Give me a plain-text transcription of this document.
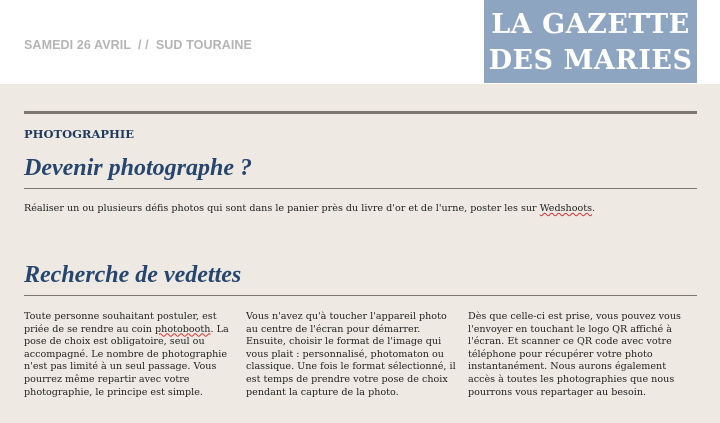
SAMEDI 26 AVRIL  / /  SUD TOURAINE
LA GAZETTE
DES MARIES
PHOTOGRAPHIE
Devenir photographe ?
Réaliser un ou plusieurs défis photos qui sont dans le panier près du livre d'or et de l'urne, poster les sur Wedshoots.
Recherche de vedettes
Toute personne souhaitant postuler, est priée de se rendre au coin photobooth. La pose de choix est obligatoire, seul ou accompagné. Le nombre de photographie n'est pas limité à un seul passage. Vous pourrez même repartir avec votre photographie, le principe est simple.
Vous n'avez qu'à toucher l'appareil photo au centre de l'écran pour démarrer. Ensuite, choisir le format de l'image qui vous plait : personnalisé, photomaton ou classique. Une fois le format sélectionné, il est temps de prendre votre pose de choix pendant la capture de la photo.
Dès que celle-ci est prise, vous pouvez vous l'envoyer en touchant le logo QR affiché à l'écran. Et scanner ce QR code avec votre téléphone pour récupérer votre photo instantanément. Nous aurons également accès à toutes les photographies que nous pourrons vous repartager au besoin.
